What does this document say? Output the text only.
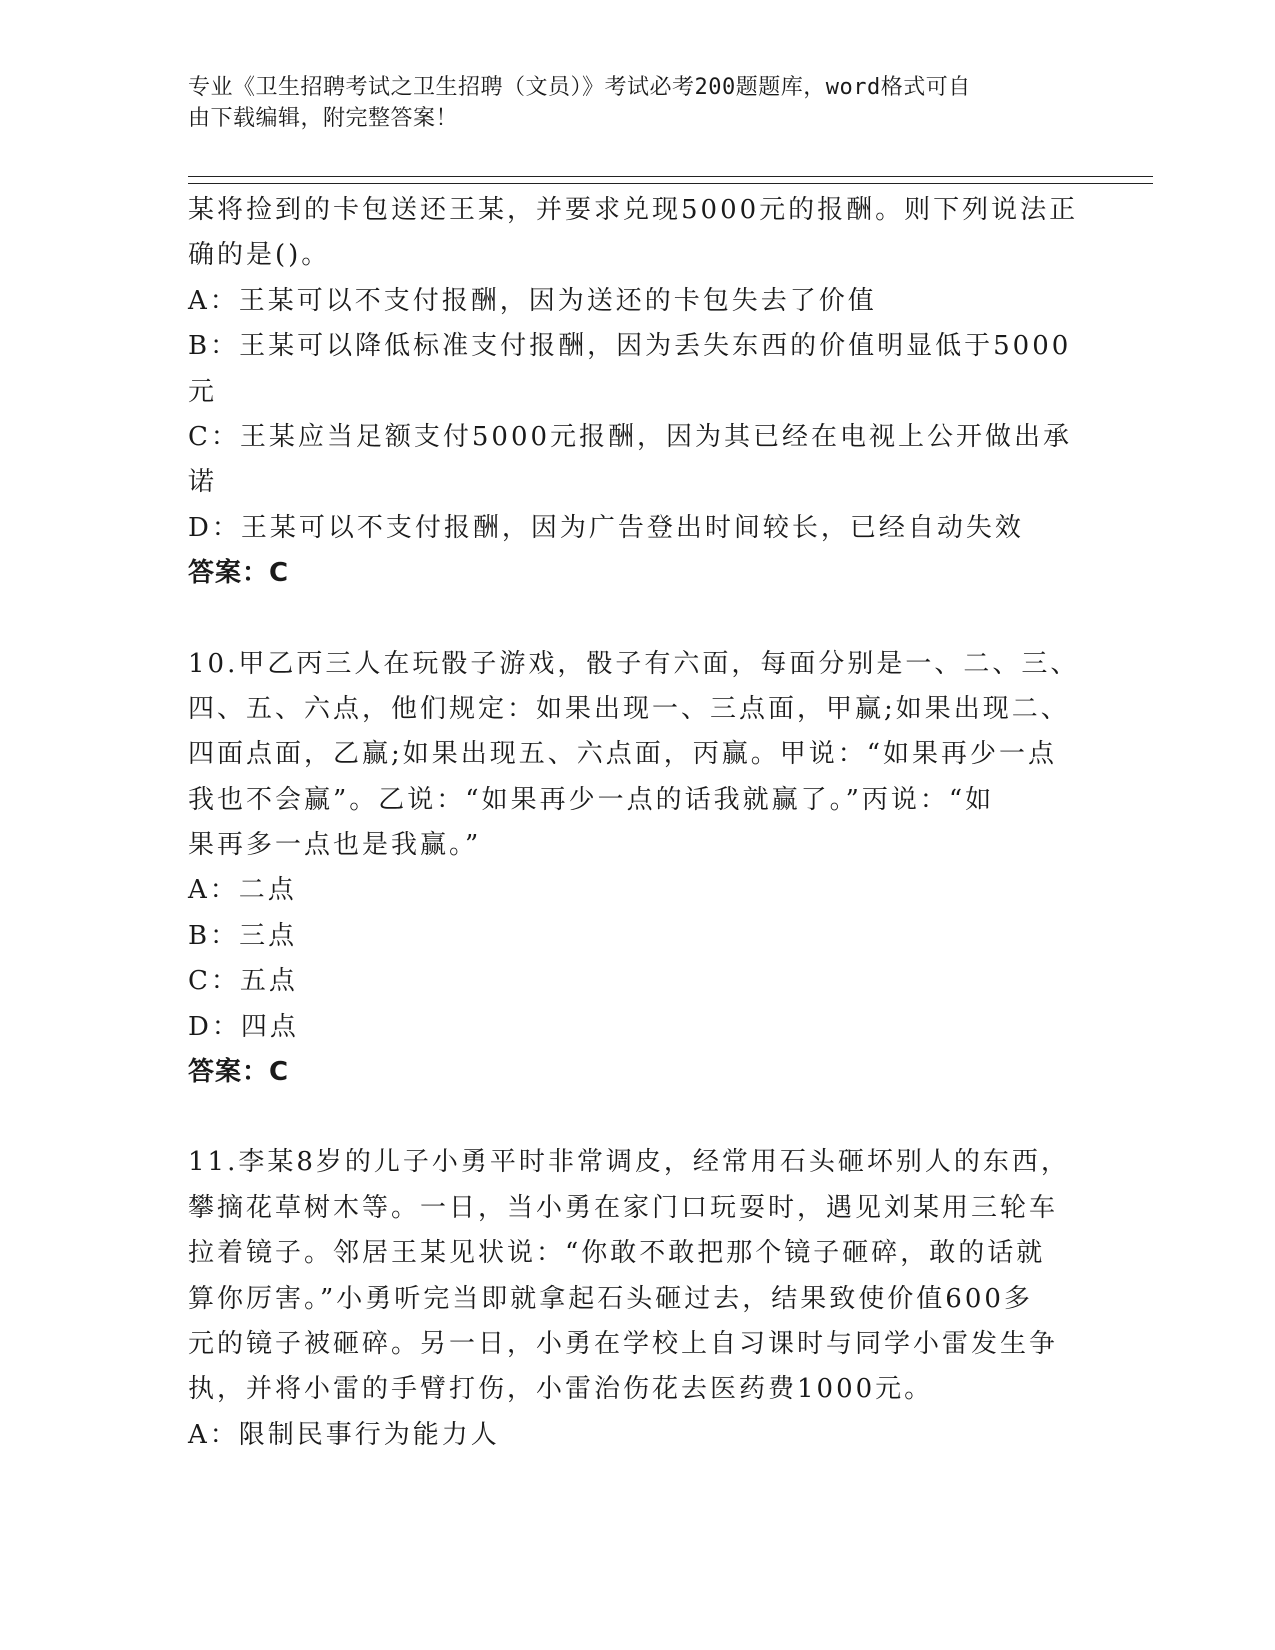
专业《卫生招聘考试之卫生招聘（文员）》考试必考200题题库，word格式可自
由下载编辑，附完整答案！
某将捡到的卡包送还王某，并要求兑现5000元的报酬。则下列说法正
确的是()。
A：王某可以不支付报酬，因为送还的卡包失去了价值
B：王某可以降低标准支付报酬，因为丢失东西的价值明显低于5000
元
C：王某应当足额支付5000元报酬，因为其已经在电视上公开做出承
诺
D：王某可以不支付报酬，因为广告登出时间较长，已经自动失效
答案：C
10.甲乙丙三人在玩骰子游戏，骰子有六面，每面分别是一、二、三、
四、五、六点，他们规定：如果出现一、三点面，甲赢;如果出现二、
四面点面，乙赢;如果出现五、六点面，丙赢。甲说：“如果再少一点
我也不会赢”。乙说：“如果再少一点的话我就赢了。”丙说：“如
果再多一点也是我赢。”
A：二点
B：三点
C：五点
D：四点
答案：C
11.李某8岁的儿子小勇平时非常调皮，经常用石头砸坏别人的东西，
攀摘花草树木等。一日，当小勇在家门口玩耍时，遇见刘某用三轮车
拉着镜子。邻居王某见状说：“你敢不敢把那个镜子砸碎，敢的话就
算你厉害。”小勇听完当即就拿起石头砸过去，结果致使价值600多
元的镜子被砸碎。另一日，小勇在学校上自习课时与同学小雷发生争
执，并将小雷的手臂打伤，小雷治伤花去医药费1000元。
A：限制民事行为能力人
